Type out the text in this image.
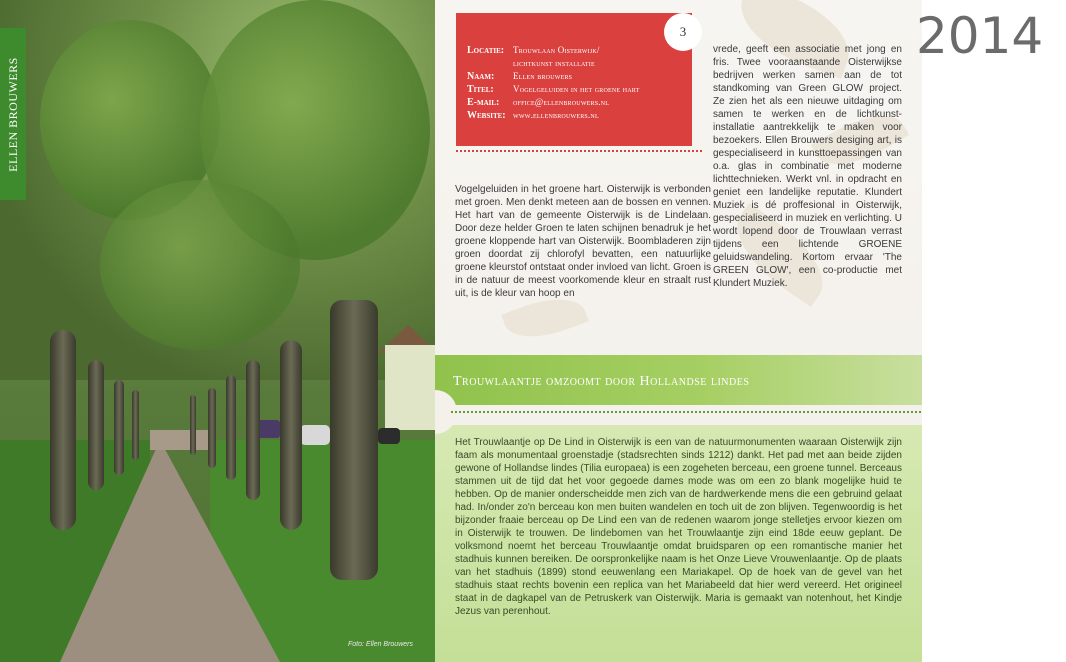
ELLEN BROUWERS
Foto: Ellen Brouwers
3
Locatie: Trouwlaan Oisterwijk/
lichtkunst installatie
Naam:	Ellen brouwers
Titel:	Vogelgeluiden in het groene hart
E-mail:	office@ellenbrouwers.nl
Website: www.ellenbrouwers.nl
vrede, geeft een associatie met jong en fris. Twee vooraanstaande Oisterwijkse bedrijven werken samen aan de tot standkoming van Green GLOW project. Ze zien het als een nieuwe uitdaging om samen te werken en de lichtkunst-installatie aantrekkelijk te maken voor bezoekers. Ellen Brouwers desiging art, is gespecialiseerd in kunsttoepassingen van o.a. glas in combinatie met moderne lichttechnieken. Werkt vnl. in opdracht en geniet een landelijke reputatie. Klundert Muziek is dé proffesional in Oisterwijk, gespecialiseerd in muziek en verlichting. U wordt lopend door de Trouwlaan verrast tijdens een lichtende GROENE geluidswandeling. Kortom ervaar 'The GREEN GLOW', een co-productie met Klundert Muziek.
Vogelgeluiden in het groene hart. Oisterwijk is verbonden met groen. Men denkt meteen aan de bossen en vennen. Het hart van de gemeente Oisterwijk is de Lindelaan. Door deze helder Groen te laten schijnen benadruk je het groene kloppende hart van Oisterwijk. Boombladeren zijn groen doordat zij chlorofyl bevatten, een natuurlijke groene kleurstof ontstaat onder invloed van licht. Groen is in de natuur de meest voorkomende kleur en straalt rust uit, is de kleur van hoop en
Trouwlaantje omzoomt door Hollandse lindes
Het Trouwlaantje op De Lind in Oisterwijk is een van de natuurmonumenten waaraan Oisterwijk zijn faam als monumentaal groenstadje (stadsrechten sinds 1212) dankt. Het pad met aan beide zijden gewone of Hollandse lindes (Tilia europaea) is een zogeheten berceau, een groene tunnel. Berceaus stammen uit de tijd dat het voor gegoede dames mode was om een zo blank mogelijke huid te hebben. Op de manier onderscheidde men zich van de hardwerkende mens die een gebruind gelaat had. In/onder zo'n berceau kon men buiten wandelen en toch uit de zon blijven. Tegenwoordig is het bijzonder fraaie berceau op De Lind een van de redenen waarom jonge stelletjes ervoor kiezen om in Oisterwijk te trouwen. De lindebomen van het Trouwlaantje zijn eind 18de eeuw geplant. De volksmond noemt het berceau Trouwlaantje omdat bruidsparen op een romantische manier het stadhuis kunnen bereiken. De oorspronkelijke naam is het Onze Lieve Vrouwenlaantje. Op de plaats van het stadhuis (1899) stond eeuwenlang een Mariakapel. Op de hoek van de gevel van het stadhuis staat rechts bovenin een replica van het Mariabeeld dat hier werd vereerd. Het origineel staat in de dagkapel van de Petruskerk van Oisterwijk. Maria is gemaakt van notenhout, het Kindje Jezus van perenhout.
2014
